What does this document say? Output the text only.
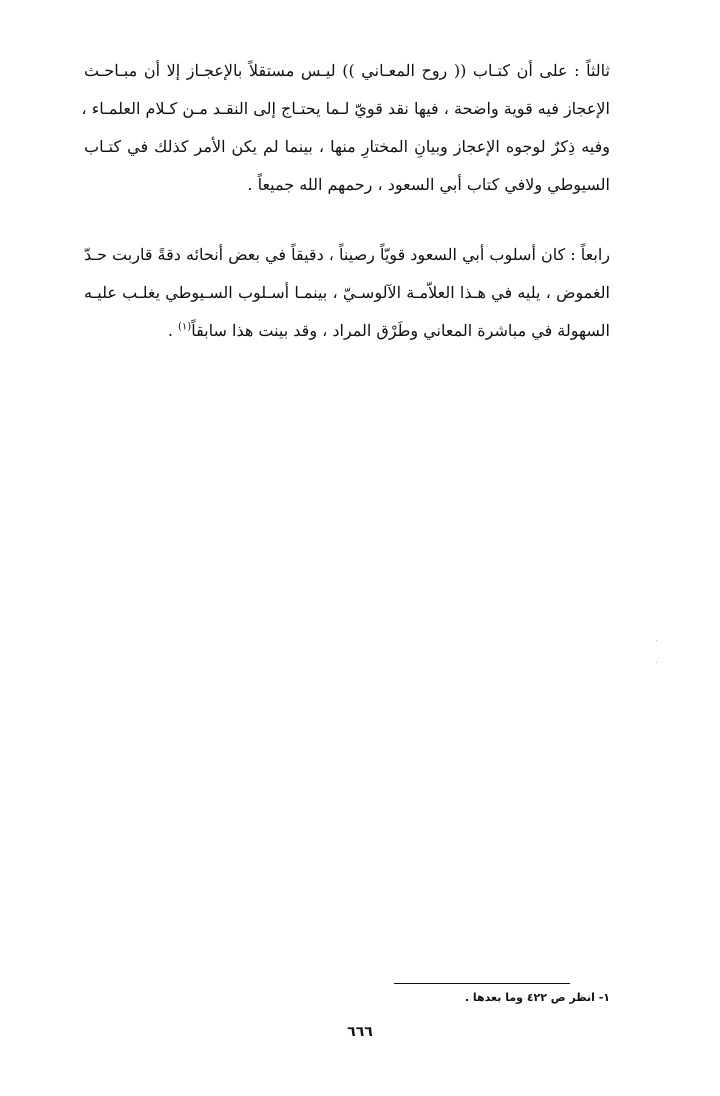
ثالثاً : على أن كتـاب (( روح المعـاني )) ليـس مستقلاً بالإعجـاز إلا أن مبـاحـث
الإعجاز فيه قوية واضحة ، فيها نقد قويّ لـما يحتـاج إلى النقـد مـن كـلام العلمـاء ،
وفيه ذِكرٌ لوجوه الإعجاز وبيانِ المختارِ منها ، بينما لم يكن الأمر كذلك في كتـاب
السيوطي ولافي كتاب أبي السعود ، رحمهم الله جميعاً .
رابعاً : كان أسلوب أبي السعود قويّاً رصيناً ، دقيقاً في بعض أنحائه دقةً قاربت حـدّ
الغموض ، يليه في هـذا العلاّمـة الآلوسـيّ ، بينمـا أسـلوب السـيوطي يغلـب عليـه
السهولة في مباشرة المعاني وطَرْق المراد ، وقد بينت هذا سابقاً$^{(١)}$ .
١- انظر ص ٤٢٢ وما بعدها .
٦٦٦
